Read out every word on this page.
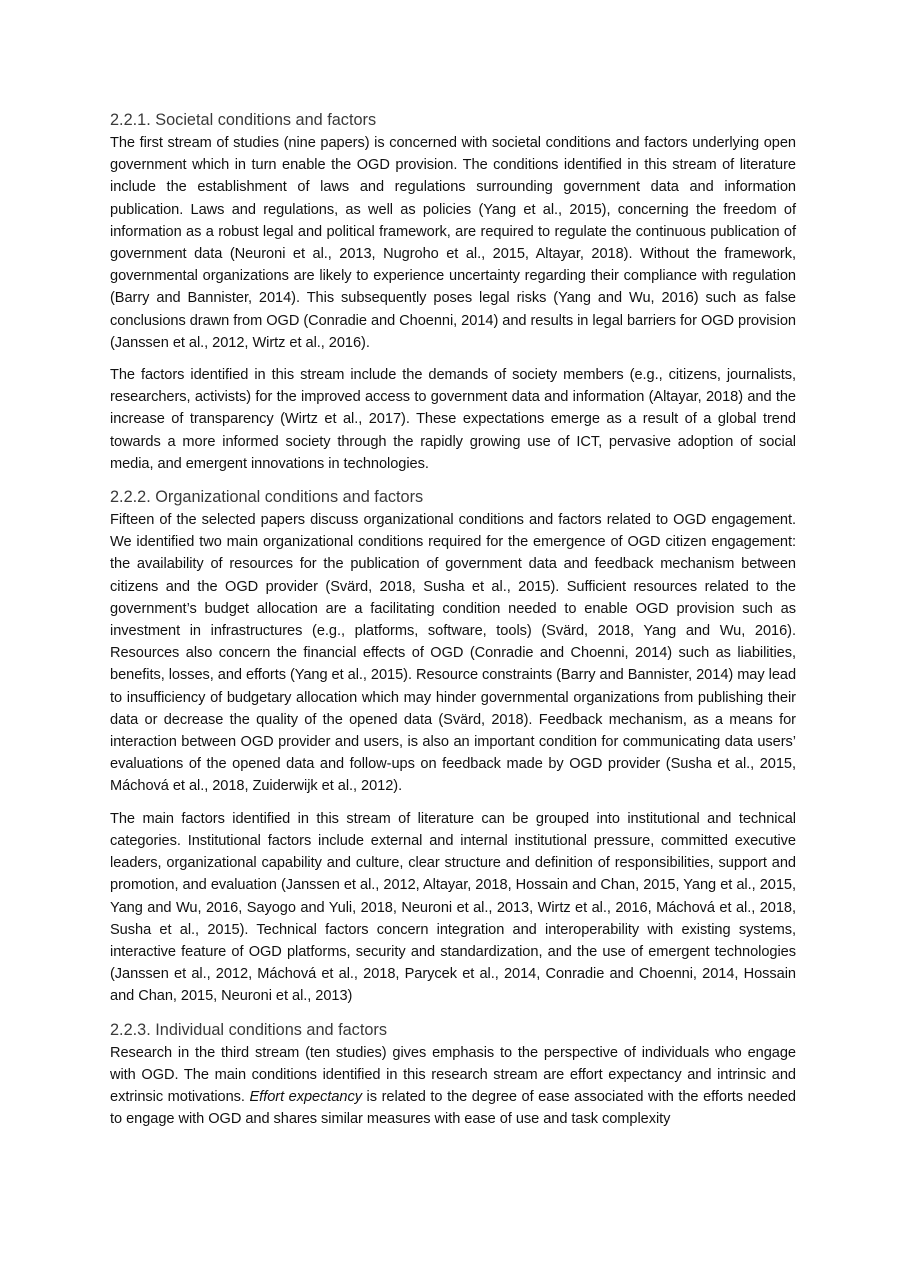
2.2.1. Societal conditions and factors

The first stream of studies (nine papers) is concerned with societal conditions and factors underlying open government which in turn enable the OGD provision. The conditions identified in this stream of literature include the establishment of laws and regulations surrounding government data and information publication. Laws and regulations, as well as policies (Yang et al., 2015), concerning the freedom of information as a robust legal and political framework, are required to regulate the continuous publication of government data (Neuroni et al., 2013, Nugroho et al., 2015, Altayar, 2018). Without the framework, governmental organizations are likely to experience uncertainty regarding their compliance with regulation (Barry and Bannister, 2014). This subsequently poses legal risks (Yang and Wu, 2016) such as false conclusions drawn from OGD (Conradie and Choenni, 2014) and results in legal barriers for OGD provision (Janssen et al., 2012, Wirtz et al., 2016).

The factors identified in this stream include the demands of society members (e.g., citizens, journalists, researchers, activists) for the improved access to government data and information (Altayar, 2018) and the increase of transparency (Wirtz et al., 2017). These expectations emerge as a result of a global trend towards a more informed society through the rapidly growing use of ICT, pervasive adoption of social media, and emergent innovations in technologies.

2.2.2. Organizational conditions and factors

Fifteen of the selected papers discuss organizational conditions and factors related to OGD engagement. We identified two main organizational conditions required for the emergence of OGD citizen engagement: the availability of resources for the publication of government data and feedback mechanism between citizens and the OGD provider (Svärd, 2018, Susha et al., 2015). Sufficient resources related to the government’s budget allocation are a facilitating condition needed to enable OGD provision such as investment in infrastructures (e.g., platforms, software, tools) (Svärd, 2018, Yang and Wu, 2016). Resources also concern the financial effects of OGD (Conradie and Choenni, 2014) such as liabilities, benefits, losses, and efforts (Yang et al., 2015). Resource constraints (Barry and Bannister, 2014) may lead to insufficiency of budgetary allocation which may hinder governmental organizations from publishing their data or decrease the quality of the opened data (Svärd, 2018). Feedback mechanism, as a means for interaction between OGD provider and users, is also an important condition for communicating data users’ evaluations of the opened data and follow-ups on feedback made by OGD provider (Susha et al., 2015, Máchová et al., 2018, Zuiderwijk et al., 2012).

The main factors identified in this stream of literature can be grouped into institutional and technical categories. Institutional factors include external and internal institutional pressure, committed executive leaders, organizational capability and culture, clear structure and definition of responsibilities, support and promotion, and evaluation (Janssen et al., 2012, Altayar, 2018, Hossain and Chan, 2015, Yang et al., 2015, Yang and Wu, 2016, Sayogo and Yuli, 2018, Neuroni et al., 2013, Wirtz et al., 2016, Máchová et al., 2018, Susha et al., 2015). Technical factors concern integration and interoperability with existing systems, interactive feature of OGD platforms, security and standardization, and the use of emergent technologies (Janssen et al., 2012, Máchová et al., 2018, Parycek et al., 2014, Conradie and Choenni, 2014, Hossain and Chan, 2015, Neuroni et al., 2013)

2.2.3. Individual conditions and factors

Research in the third stream (ten studies) gives emphasis to the perspective of individuals who engage with OGD. The main conditions identified in this research stream are effort expectancy and intrinsic and extrinsic motivations. Effort expectancy is related to the degree of ease associated with the efforts needed to engage with OGD and shares similar measures with ease of use and task complexity
